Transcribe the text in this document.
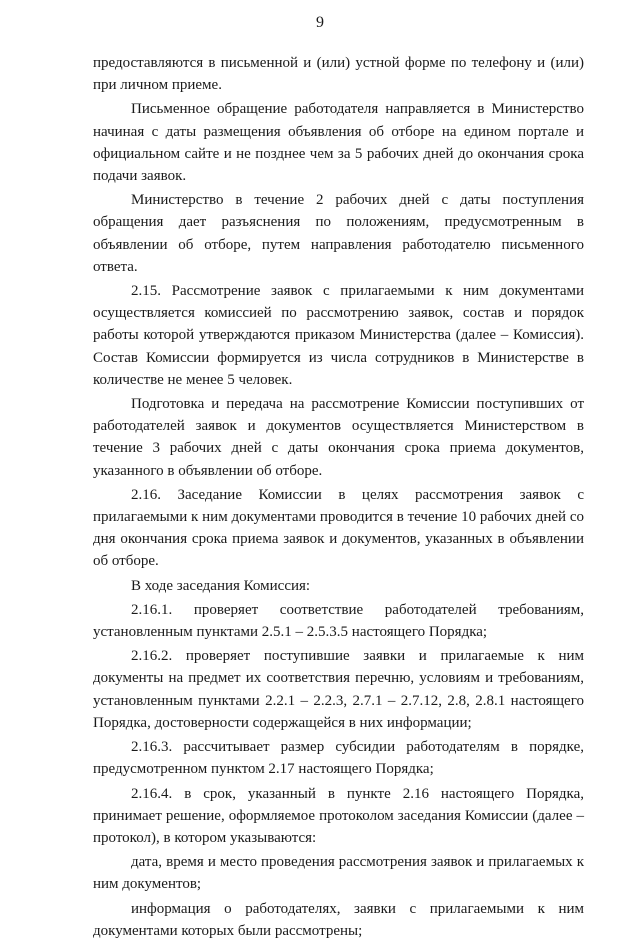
9

предоставляются в письменной и (или) устной форме по телефону и (или) при личном приеме.

Письменное обращение работодателя направляется в Министерство начиная с даты размещения объявления об отборе на едином портале и официальном сайте и не позднее чем за 5 рабочих дней до окончания срока подачи заявок.

Министерство в течение 2 рабочих дней с даты поступления обращения дает разъяснения по положениям, предусмотренным в объявлении об отборе, путем направления работодателю письменного ответа.

2.15. Рассмотрение заявок с прилагаемыми к ним документами осуществляется комиссией по рассмотрению заявок, состав и порядок работы которой утверждаются приказом Министерства (далее – Комиссия). Состав Комиссии формируется из числа сотрудников в Министерстве в количестве не менее 5 человек.

Подготовка и передача на рассмотрение Комиссии поступивших от работодателей заявок и документов осуществляется Министерством в течение 3 рабочих дней с даты окончания срока приема документов, указанного в объявлении об отборе.

2.16. Заседание Комиссии в целях рассмотрения заявок с прилагаемыми к ним документами проводится в течение 10 рабочих дней со дня окончания срока приема заявок и документов, указанных в объявлении об отборе.

В ходе заседания Комиссия:

2.16.1. проверяет соответствие работодателей требованиям, установленным пунктами 2.5.1 – 2.5.3.5 настоящего Порядка;

2.16.2. проверяет поступившие заявки и прилагаемые к ним документы на предмет их соответствия перечню, условиям и требованиям, установленным пунктами 2.2.1 – 2.2.3, 2.7.1 – 2.7.12, 2.8, 2.8.1 настоящего Порядка, достоверности содержащейся в них информации;

2.16.3. рассчитывает размер субсидии работодателям в порядке, предусмотренном пунктом 2.17 настоящего Порядка;

2.16.4. в срок, указанный в пункте 2.16 настоящего Порядка, принимает решение, оформляемое протоколом заседания Комиссии (далее – протокол), в котором указываются:

дата, время и место проведения рассмотрения заявок и прилагаемых к ним документов;

информация о работодателях, заявки с прилагаемыми к ним документами которых были рассмотрены;
